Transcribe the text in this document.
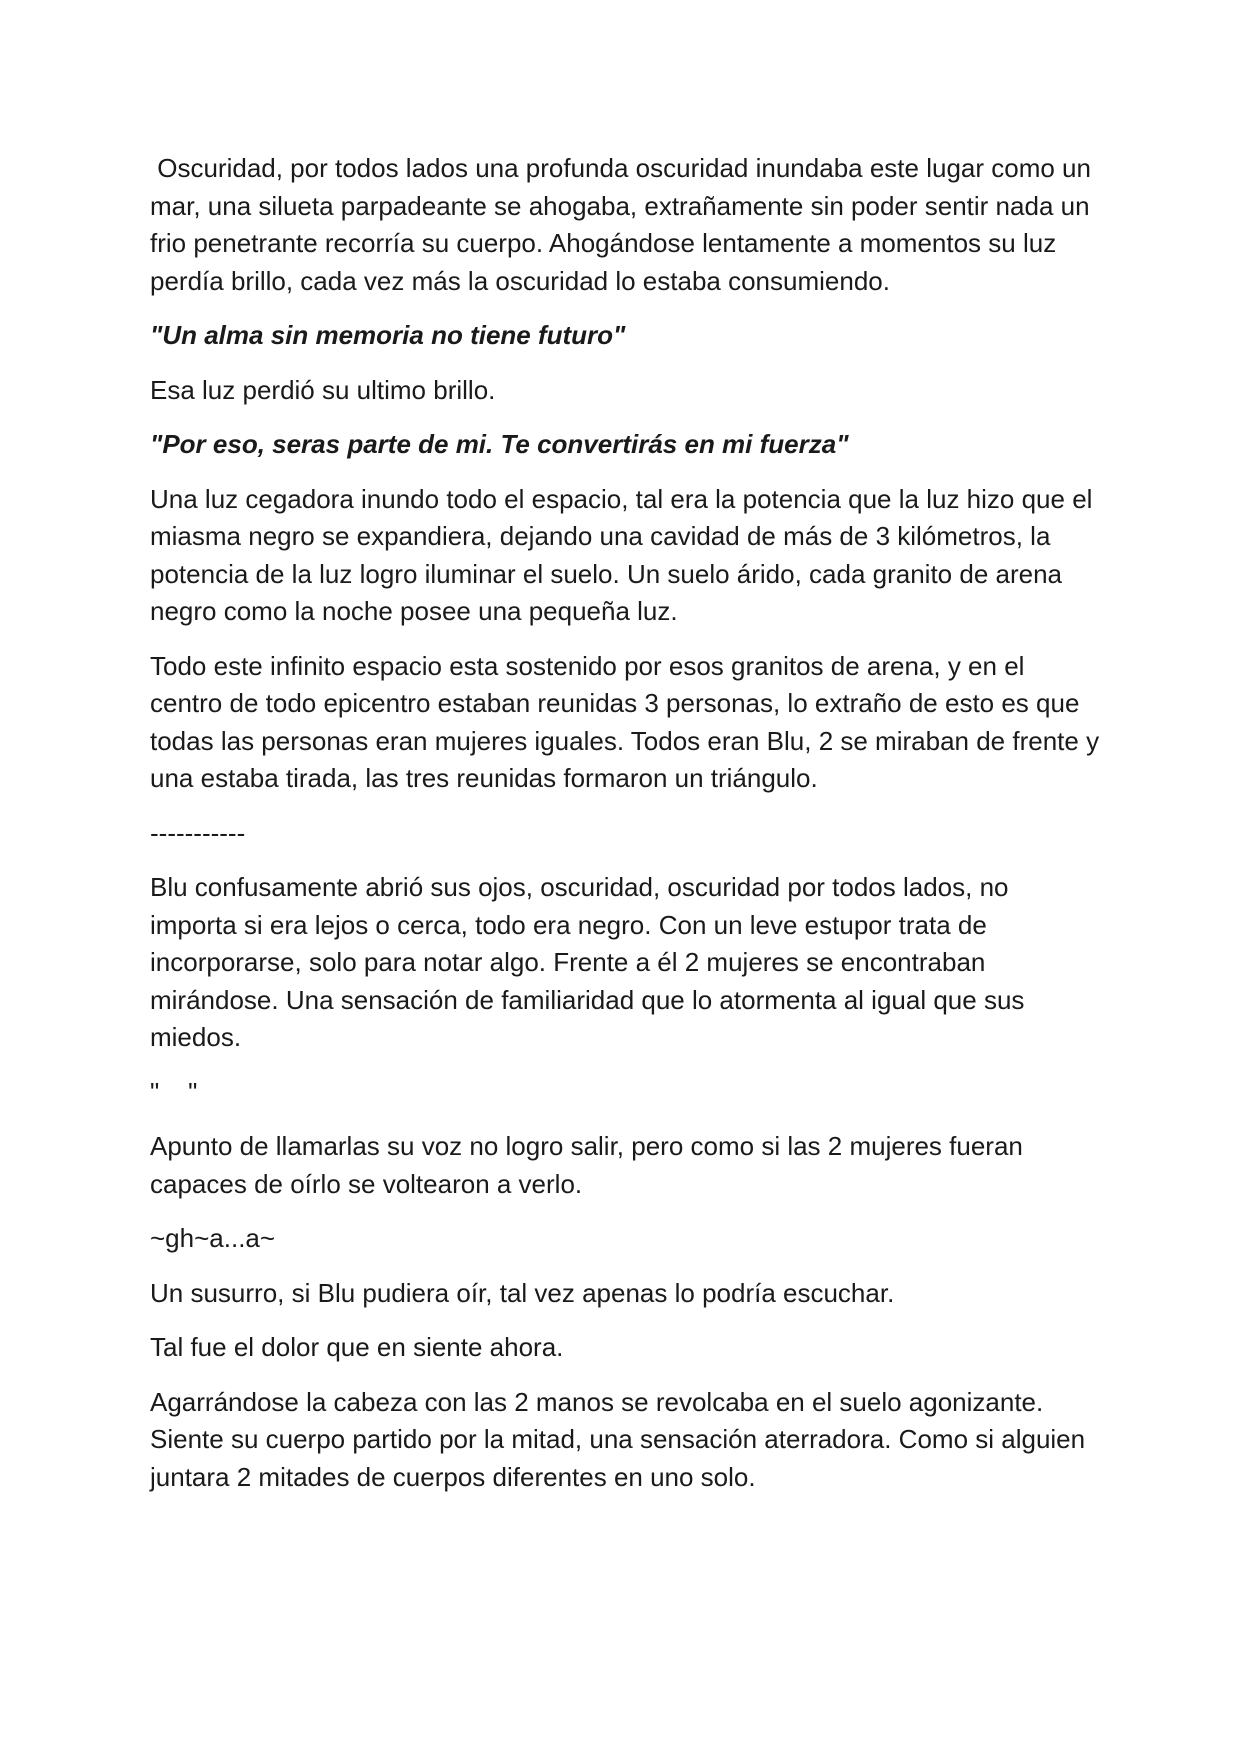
Oscuridad, por todos lados una profunda oscuridad inundaba este lugar como un mar, una silueta parpadeante se ahogaba, extrañamente sin poder sentir nada un frio penetrante recorría su cuerpo. Ahogándose lentamente a momentos su luz perdía brillo, cada vez más la oscuridad lo estaba consumiendo.

"Un alma sin memoria no tiene futuro"

Esa luz perdió su ultimo brillo.

"Por eso, seras parte de mi. Te convertirás en mi fuerza"

Una luz cegadora inundo todo el espacio, tal era la potencia que la luz hizo que el miasma negro se expandiera, dejando una cavidad de más de 3 kilómetros, la potencia de la luz logro iluminar el suelo. Un suelo árido, cada granito de arena negro como la noche posee una pequeña luz.

Todo este infinito espacio esta sostenido por esos granitos de arena, y en el centro de todo epicentro estaban reunidas 3 personas, lo extraño de esto es que todas las personas eran mujeres iguales. Todos eran Blu, 2 se miraban de frente y una estaba tirada, las tres reunidas formaron un triángulo.

-----------

Blu confusamente abrió sus ojos, oscuridad, oscuridad por todos lados, no importa si era lejos o cerca, todo era negro. Con un leve estupor trata de incorporarse, solo para notar algo. Frente a él 2 mujeres se encontraban mirándose. Una sensación de familiaridad que lo atormenta al igual que sus miedos.

"    "

Apunto de llamarlas su voz no logro salir, pero como si las 2 mujeres fueran capaces de oírlo se voltearon a verlo.

~gh~a...a~

Un susurro, si Blu pudiera oír, tal vez apenas lo podría escuchar.

Tal fue el dolor que en siente ahora.

Agarrándose la cabeza con las 2 manos se revolcaba en el suelo agonizante. Siente su cuerpo partido por la mitad, una sensación aterradora. Como si alguien juntara 2 mitades de cuerpos diferentes en uno solo.
